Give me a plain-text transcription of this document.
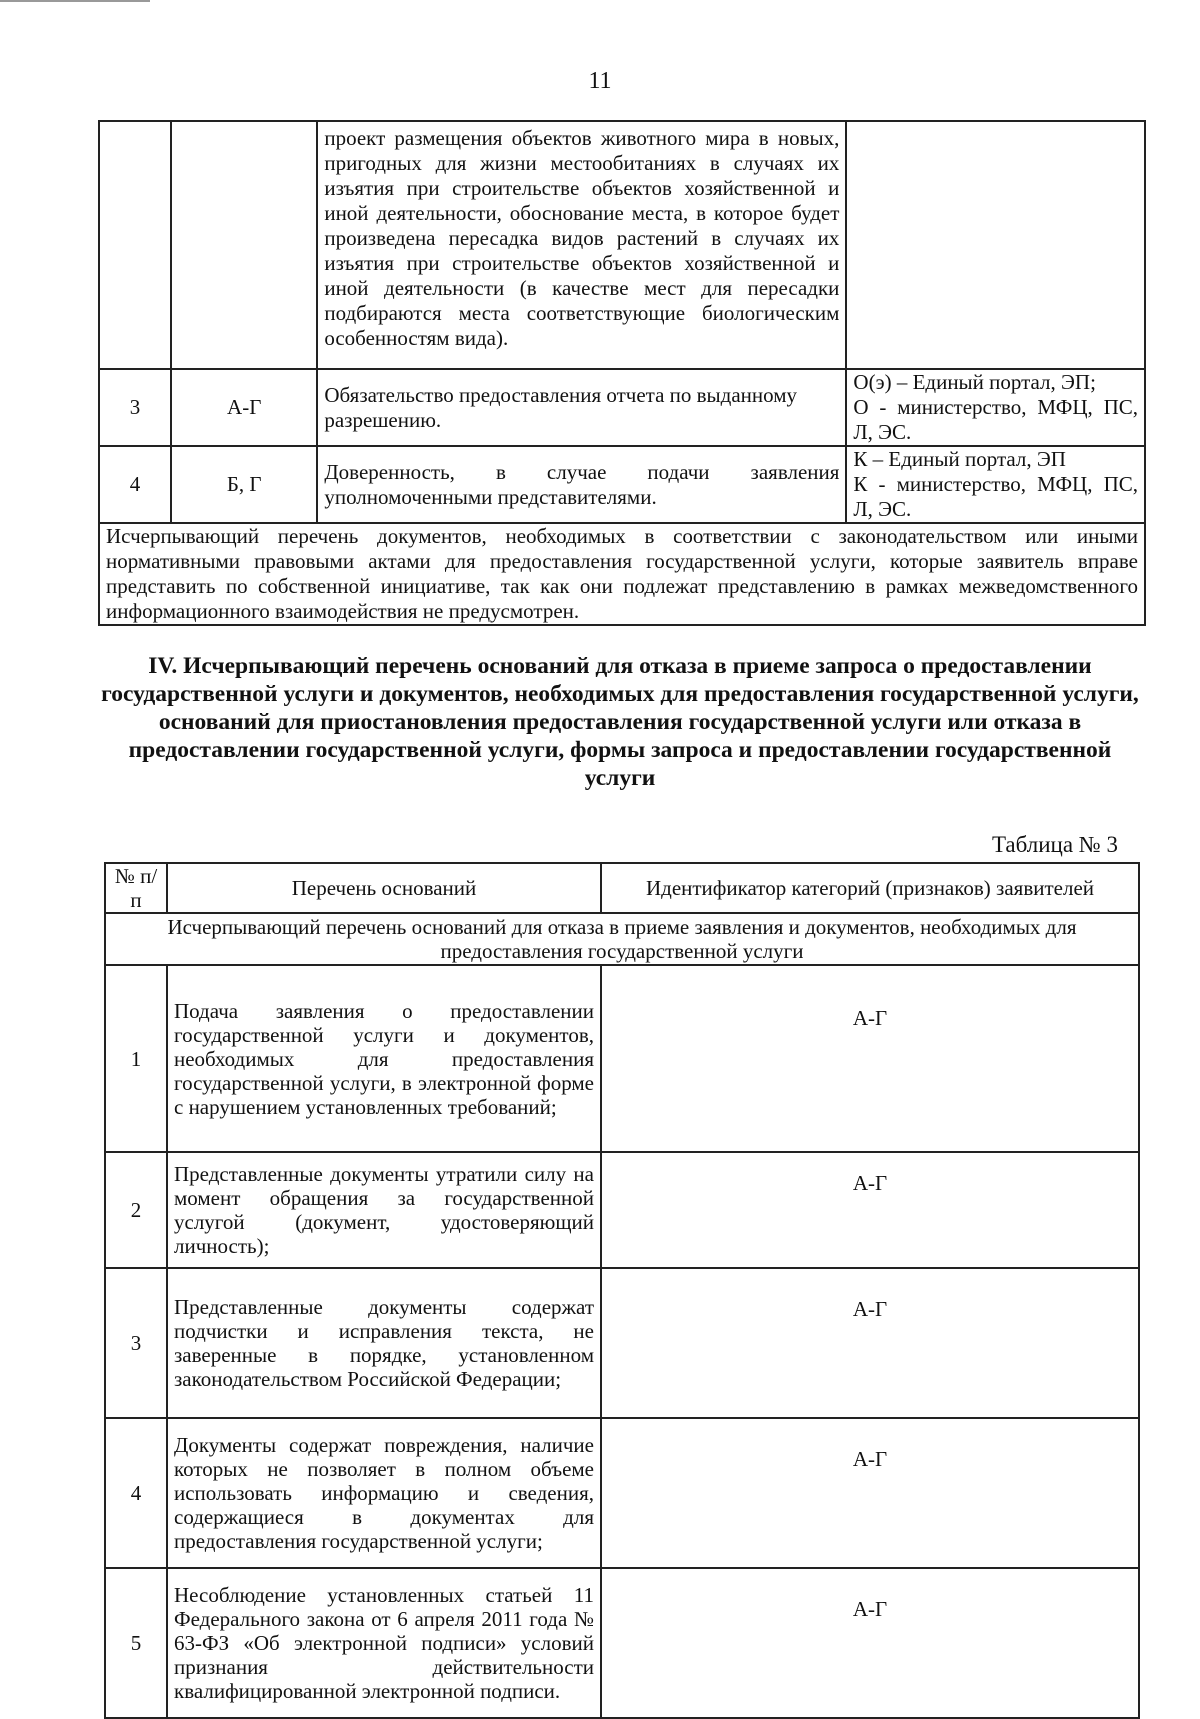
11
		проект размещения объектов животного мира в новых, пригодных для жизни местообитаниях в случаях их изъятия при строительстве объектов хозяйственной и иной деятельности, обоснование места, в которое будет произведена пересадка видов растений в случаях их изъятия при строительстве объектов хозяйственной и иной деятельности (в качестве мест для пересадки подбираются места соответствующие биологическим особенностям вида).	
3	А-Г	Обязательство предоставления отчета по выданному разрешению.	О(э) – Единый портал, ЭП;
О - министерство, МФЦ, ПС, Л, ЭС.

4	Б, Г	Доверенность, в случае подачи заявления уполномоченными представителями.	К – Единый портал, ЭП
К - министерство, МФЦ, ПС, Л, ЭС.

Исчерпывающий перечень документов, необходимых в соответствии с законодательством или иными нормативными правовыми актами для предоставления государственной услуги, которые заявитель вправе представить по собственной инициативе, так как они подлежат представлению в рамках межведомственного информационного взаимодействия не предусмотрен.			
IV. Исчерпывающий перечень оснований для отказа в приеме запроса о предоставлении государственной услуги и документов, необходимых для предоставления государственной услуги, оснований для приостановления предоставления государственной услуги или отказа в предоставлении государственной услуги, формы запроса и предоставлении государственной услуги
Таблица № 3
№ п/п	Перечень оснований	Идентификатор категорий (признаков) заявителей
Исчерпывающий перечень оснований для отказа в приеме заявления и документов, необходимых для предоставления государственной услуги		
1	Подача заявления о предоставлении государственной услуги и документов, необходимых для предоставления государственной услуги, в электронной форме с нарушением установленных требований;	А-Г
2	Представленные документы утратили силу на момент обращения за государственной услугой (документ, удостоверяющий личность);	А-Г
3	Представленные документы содержат подчистки и исправления текста, не заверенные в порядке, установленном законодательством Российской Федерации;	А-Г
4	Документы содержат повреждения, наличие которых не позволяет в полном объеме использовать информацию и сведения, содержащиеся в документах для предоставления государственной услуги;	А-Г
5	Несоблюдение установленных статьей 11 Федерального закона от 6 апреля 2011 года № 63-ФЗ «Об электронной подписи» условий признания действительности квалифицированной электронной подписи.	А-Г
